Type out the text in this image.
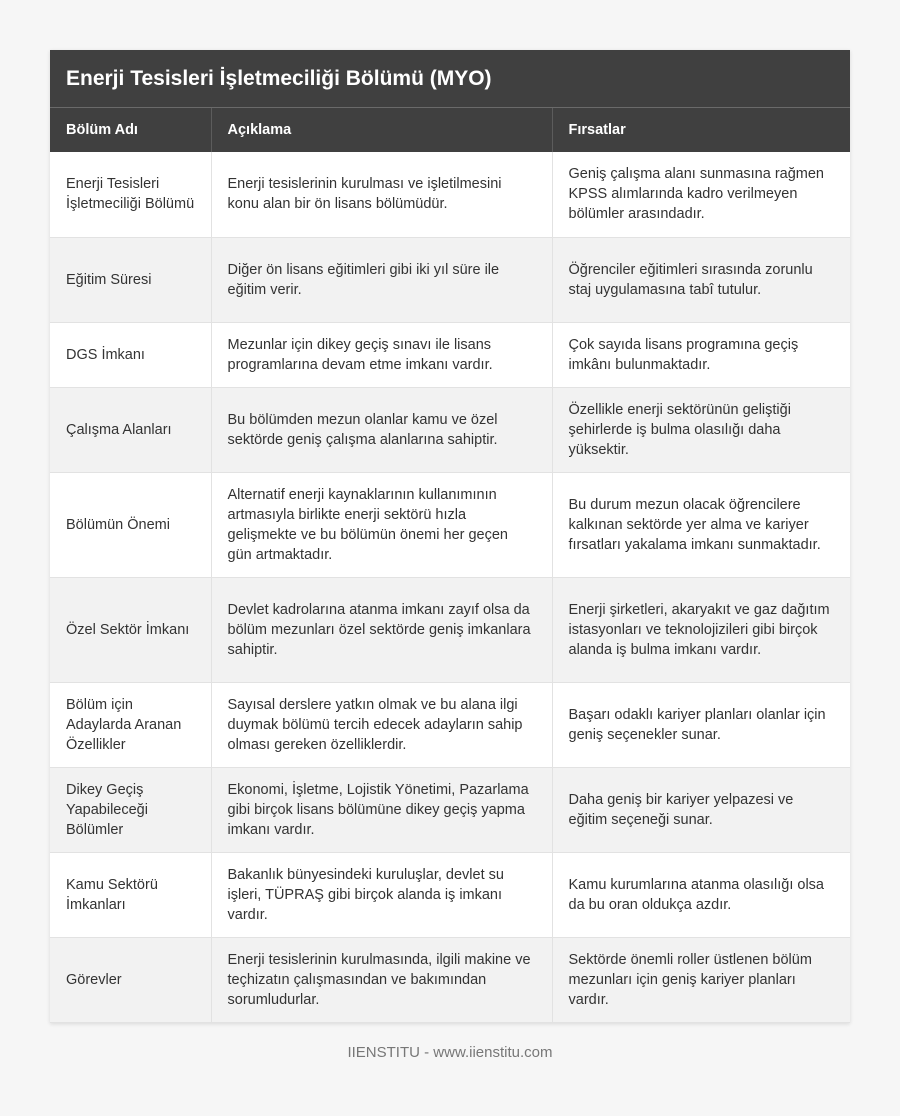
Enerji Tesisleri İşletmeciliği Bölümü (MYO)
Bölüm Adı	Açıklama	Fırsatlar
Enerji Tesisleri İşletmeciliği Bölümü	Enerji tesislerinin kurulması ve işletilmesini konu alan bir ön lisans bölümüdür.	Geniş çalışma alanı sunmasına rağmen KPSS alımlarında kadro verilmeyen bölümler arasındadır.
Eğitim Süresi	Diğer ön lisans eğitimleri gibi iki yıl süre ile eğitim verir.	Öğrenciler eğitimleri sırasında zorunlu staj uygulamasına tabî tutulur.
DGS İmkanı	Mezunlar için dikey geçiş sınavı ile lisans programlarına devam etme imkanı vardır.	Çok sayıda lisans programına geçiş imkânı bulunmaktadır.
Çalışma Alanları	Bu bölümden mezun olanlar kamu ve özel sektörde geniş çalışma alanlarına sahiptir.	Özellikle enerji sektörünün geliştiği şehirlerde iş bulma olasılığı daha yüksektir.
Bölümün Önemi	Alternatif enerji kaynaklarının kullanımının artmasıyla birlikte enerji sektörü hızla gelişmekte ve bu bölümün önemi her geçen gün artmaktadır.	Bu durum mezun olacak öğrencilere kalkınan sektörde yer alma ve kariyer fırsatları yakalama imkanı sunmaktadır.
Özel Sektör İmkanı	Devlet kadrolarına atanma imkanı zayıf olsa da bölüm mezunları özel sektörde geniş imkanlara sahiptir.	Enerji şirketleri, akaryakıt ve gaz dağıtım istasyonları ve teknolojizileri gibi birçok alanda iş bulma imkanı vardır.
Bölüm için Adaylarda Aranan Özellikler	Sayısal derslere yatkın olmak ve bu alana ilgi duymak bölümü tercih edecek adayların sahip olması gereken özelliklerdir.	Başarı odaklı kariyer planları olanlar için geniş seçenekler sunar.
Dikey Geçiş Yapabileceği Bölümler	Ekonomi, İşletme, Lojistik Yönetimi, Pazarlama gibi birçok lisans bölümüne dikey geçiş yapma imkanı vardır.	Daha geniş bir kariyer yelpazesi ve eğitim seçeneği sunar.
Kamu Sektörü İmkanları	Bakanlık bünyesindeki kuruluşlar, devlet su işleri, TÜPRAŞ gibi birçok alanda iş imkanı vardır.	Kamu kurumlarına atanma olasılığı olsa da bu oran oldukça azdır.
Görevler	Enerji tesislerinin kurulmasında, ilgili makine ve teçhizatın çalışmasından ve bakımından sorumludurlar.	Sektörde önemli roller üstlenen bölüm mezunları için geniş kariyer planları vardır.
IIENSTITU - www.iienstitu.com
